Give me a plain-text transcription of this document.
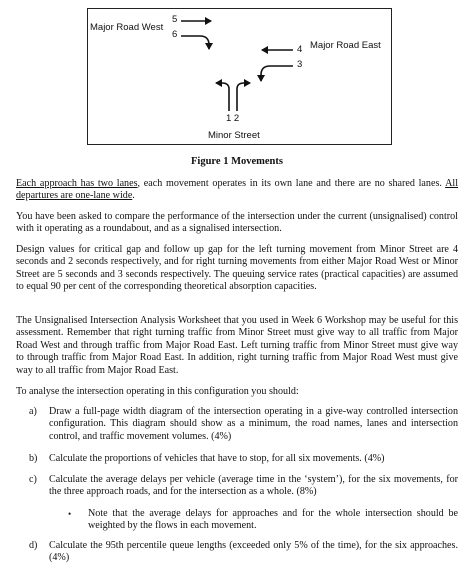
Major Road West
5
6
4
3
Major Road East
1 2
Minor Street
Figure 1 Movements

Each approach has two lanes, each movement operates in its own lane and there are no shared lanes. All departures are one-lane wide.

You have been asked to compare the performance of the intersection under the current (unsignalised) control with it operating as a roundabout, and as a signalised intersection.

Design values for critical gap and follow up gap for the left turning movement from Minor Street are 4 seconds and 2 seconds respectively, and for right turning movements from either Major Road West or Minor Street are 5 seconds and 3 seconds respectively. The queuing service rates (practical capacities) are assumed to equal 90 per cent of the corresponding theoretical absorption capacities.

The Unsignalised Intersection Analysis Worksheet that you used in Week 6 Workshop may be useful for this assessment. Remember that right turning traffic from Minor Street must give way to all traffic from Major Road West and through traffic from Major Road East. Left turning traffic from Minor Street must give way to through traffic from Major Road East. In addition, right turning traffic from Major Road West must give way to all traffic from Major Road East.

To analyse the intersection operating in this configuration you should:

a) Draw a full-page width diagram of the intersection operating in a give-way controlled intersection configuration. This diagram should show as a minimum, the road names, lanes and intersection control, and traffic movement volumes. (4%)
b) Calculate the proportions of vehicles that have to stop, for all six movements. (4%)
c) Calculate the average delays per vehicle (average time in the ‘system’), for the six movements, for the three approach roads, and for the intersection as a whole. (8%)
• Note that the average delays for approaches and for the whole intersection should be weighted by the flows in each movement.
d) Calculate the 95th percentile queue lengths (exceeded only 5% of the time), for the six approaches. (4%)
